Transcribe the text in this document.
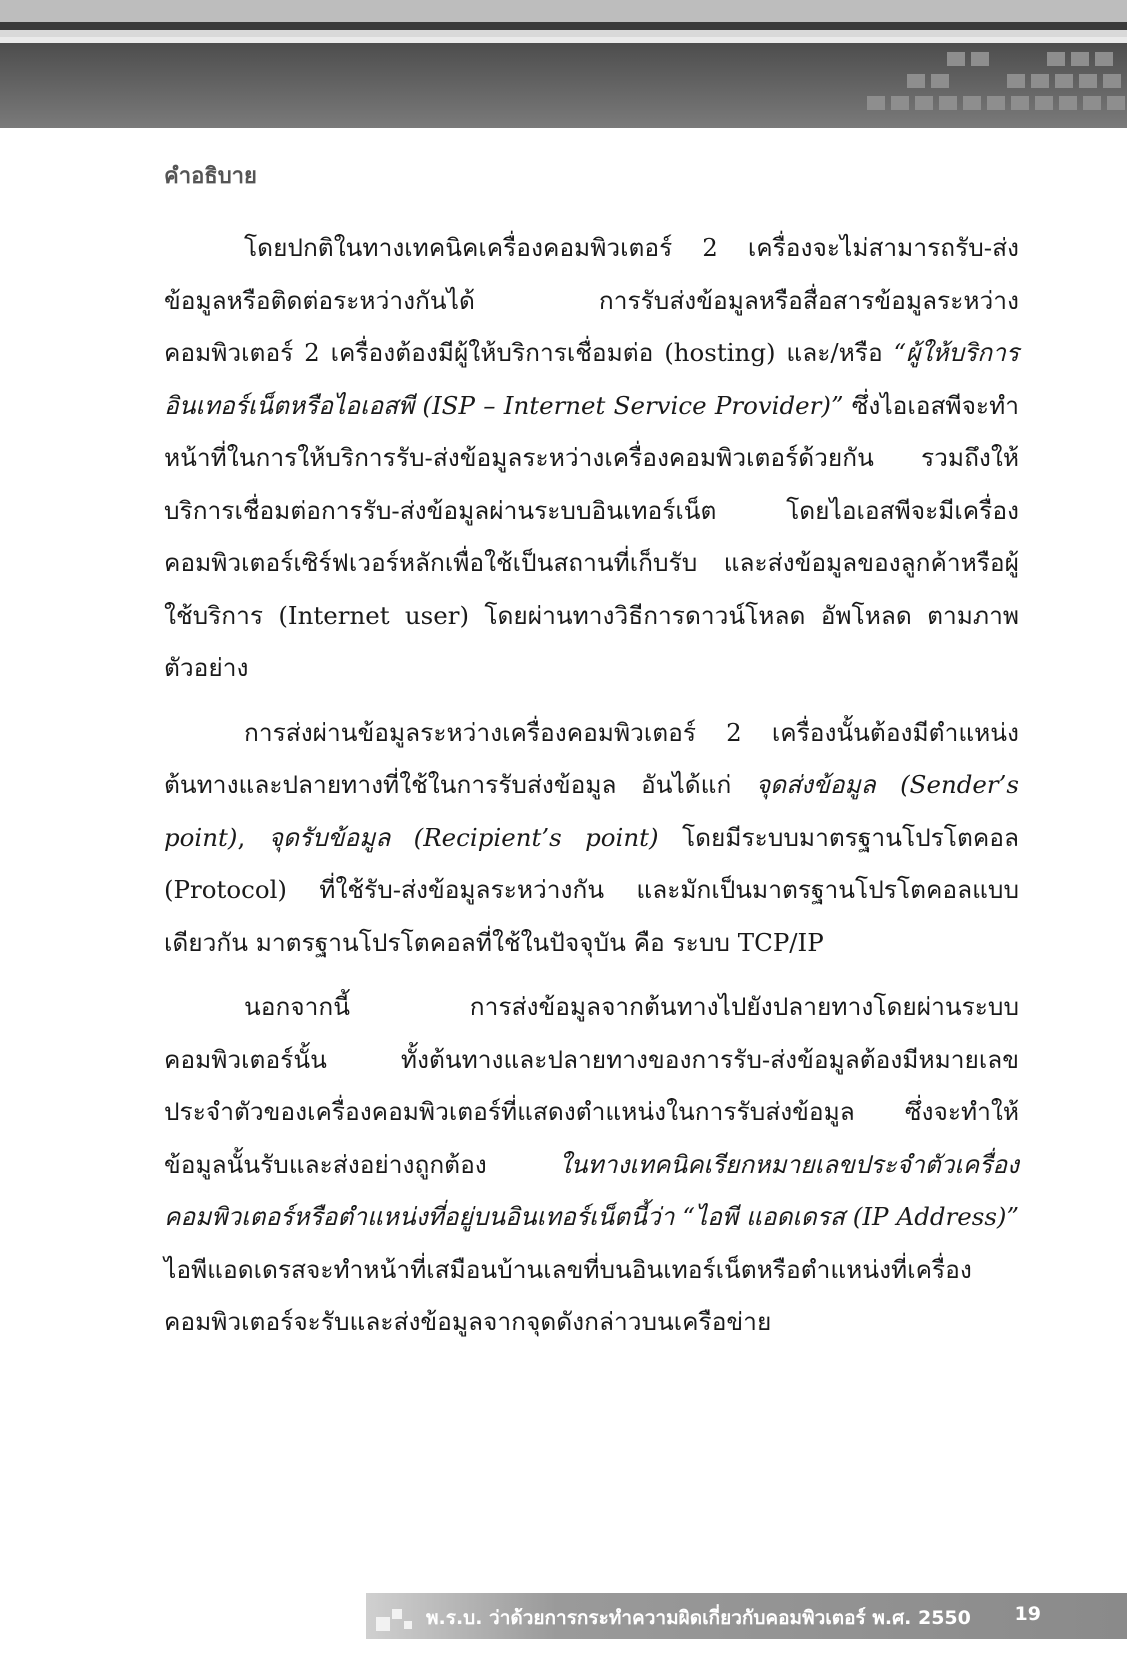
คำอธิบาย

โดยปกติในทางเทคนิคเครื่องคอมพิวเตอร์ 2 เครื่องจะไม่สามารถรับ-ส่งข้อมูลหรือติดต่อระหว่างกันได้ การรับส่งข้อมูลหรือสื่อสารข้อมูลระหว่างคอมพิวเตอร์ 2 เครื่องต้องมีผู้ให้บริการเชื่อมต่อ (hosting) และ/หรือ “ผู้ให้บริการอินเทอร์เน็ตหรือไอเอสพี (ISP – Internet Service Provider)” ซึ่งไอเอสพีจะทำหน้าที่ในการให้บริการรับ-ส่งข้อมูลระหว่างเครื่องคอมพิวเตอร์ด้วยกัน รวมถึงให้บริการเชื่อมต่อการรับ-ส่งข้อมูลผ่านระบบอินเทอร์เน็ต โดยไอเอสพีจะมีเครื่องคอมพิวเตอร์เซิร์ฟเวอร์หลักเพื่อใช้เป็นสถานที่เก็บรับ และส่งข้อมูลของลูกค้าหรือผู้ใช้บริการ (Internet user) โดยผ่านทางวิธีการดาวน์โหลด อัพโหลด ตามภาพตัวอย่าง

การส่งผ่านข้อมูลระหว่างเครื่องคอมพิวเตอร์ 2 เครื่องนั้นต้องมีตำแหน่งต้นทางและปลายทางที่ใช้ในการรับส่งข้อมูล อันได้แก่ จุดส่งข้อมูล (Sender’s point), จุดรับข้อมูล (Recipient’s point) โดยมีระบบมาตรฐานโปรโตคอล (Protocol) ที่ใช้รับ-ส่งข้อมูลระหว่างกัน และมักเป็นมาตรฐานโปรโตคอลแบบเดียวกัน มาตรฐานโปรโตคอลที่ใช้ในปัจจุบัน คือ ระบบ TCP/IP

นอกจากนี้ การส่งข้อมูลจากต้นทางไปยังปลายทางโดยผ่านระบบคอมพิวเตอร์นั้น ทั้งต้นทางและปลายทางของการรับ-ส่งข้อมูลต้องมีหมายเลขประจำตัวของเครื่องคอมพิวเตอร์ที่แสดงตำแหน่งในการรับส่งข้อมูล ซึ่งจะทำให้ข้อมูลนั้นรับและส่งอย่างถูกต้อง ในทางเทคนิคเรียกหมายเลขประจำตัวเครื่องคอมพิวเตอร์หรือตำแหน่งที่อยู่บนอินเทอร์เน็ตนี้ว่า “ไอพี แอดเดรส (IP Address)” ไอพีแอดเดรสจะทำหน้าที่เสมือนบ้านเลขที่บนอินเทอร์เน็ตหรือตำแหน่งที่เครื่องคอมพิวเตอร์จะรับและส่งข้อมูลจากจุดดังกล่าวบนเครือข่าย

พ.ร.บ. ว่าด้วยการกระทำความผิดเกี่ยวกับคอมพิวเตอร์ พ.ศ. 2550 19
